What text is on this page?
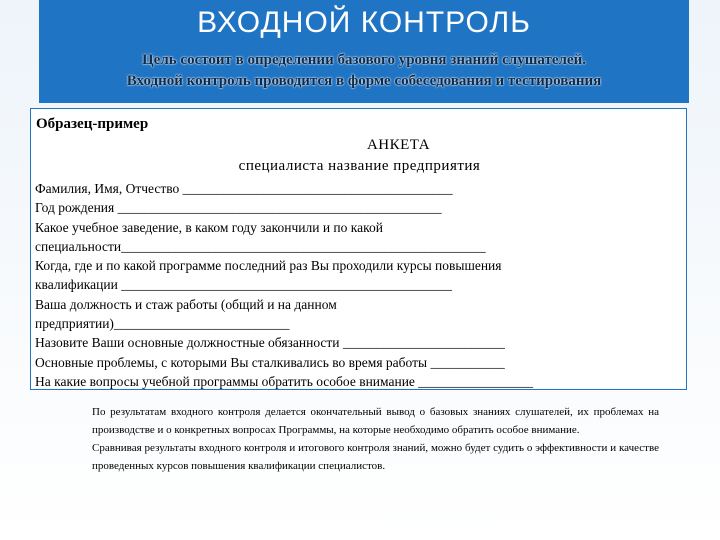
ВХОДНОЙ КОНТРОЛЬ
Цель состоит в определении базового уровня знаний слушателей.
Входной контроль проводится в форме собеседования и тестирования
Образец-пример
АНКЕТА
специалиста название предприятия
Фамилия, Имя, Отчество ________________________________________
Год рождения ________________________________________________
Какое учебное заведение, в каком году закончили и по какой
специальности______________________________________________________
Когда, где и по какой программе последний раз Вы проходили курсы повышения
квалификации _________________________________________________
Ваша должность и стаж работы (общий и на данном
предприятии)__________________________
Назовите Ваши основные должностные обязанности ________________________
Основные проблемы, с которыми Вы сталкивались во время работы ___________
На какие вопросы учебной программы обратить особое внимание _________________

По результатам входного контроля делается окончательный вывод о базовых знаниях слушателей, их проблемах на производстве и о конкретных вопросах Программы, на которые необходимо обратить особое внимание.

Сравнивая результаты входного контроля и итогового контроля знаний, можно будет судить о эффективности и качестве проведенных курсов повышения квалификации специалистов.
